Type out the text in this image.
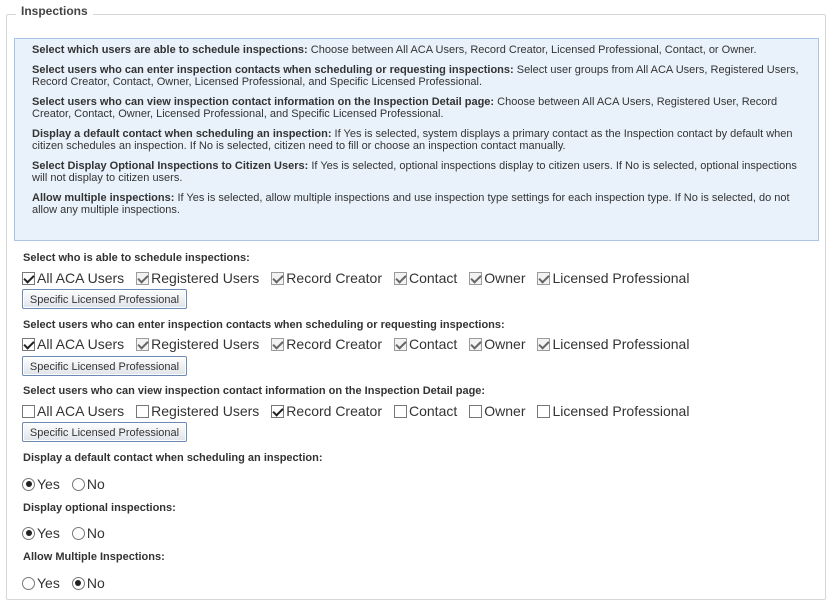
Inspections

Select which users are able to schedule inspections: Choose between All ACA Users, Record Creator, Licensed Professional, Contact, or Owner.

Select users who can enter inspection contacts when scheduling or requesting inspections: Select user groups from All ACA Users, Registered Users, Record Creator, Contact, Owner, Licensed Professional, and Specific Licensed Professional.

Select users who can view inspection contact information on the Inspection Detail page: Choose between All ACA Users, Registered User, Record Creator, Contact, Owner, Licensed Professional, and Specific Licensed Professional.

Display a default contact when scheduling an inspection: If Yes is selected, system displays a primary contact as the Inspection contact by default when citizen schedules an inspection. If No is selected, citizen need to fill or choose an inspection contact manually.

Select Display Optional Inspections to Citizen Users: If Yes is selected, optional inspections display to citizen users. If No is selected, optional inspections will not display to citizen users.

Allow multiple inspections: If Yes is selected, allow multiple inspections and use inspection type settings for each inspection type. If No is selected, do not allow any multiple inspections.

Select who is able to schedule inspections:
All ACA Users Registered Users Record Creator Contact Owner Licensed Professional
Specific Licensed Professional
Select users who can enter inspection contacts when scheduling or requesting inspections:
All ACA Users Registered Users Record Creator Contact Owner Licensed Professional
Specific Licensed Professional
Select users who can view inspection contact information on the Inspection Detail page:
All ACA Users Registered Users Record Creator Contact Owner Licensed Professional
Specific Licensed Professional
Display a default contact when scheduling an inspection:
Yes No
Display optional inspections:
Yes No
Allow Multiple Inspections:
Yes No
